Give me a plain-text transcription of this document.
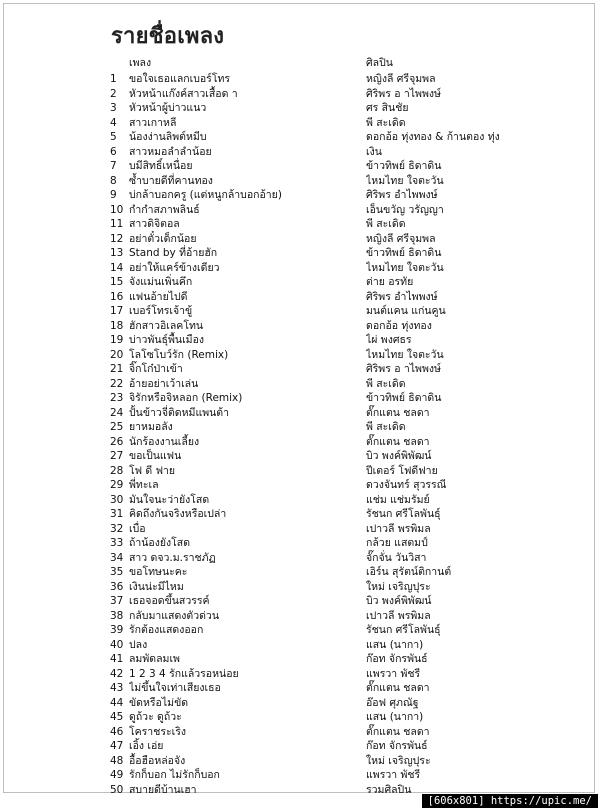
รายชื่อเพลง
เพลง	ศิลปิน
1	ขอใจเธอแลกเบอร์โทร	หญิงลี ศรีจุมพล
2	หัวหน้าแก๊งค์สาวเสื้อด า	ศิริพร อ าไพพงษ์
3	หัวหน้าผู้บ่าวแนว	ศร สินชัย
4	สาวเกาหลี	พี สะเดิด
5	น้องง่านลิพต์หมีบ	ดอกอ้อ ทุ่งทอง & ก้านตอง ทุ่ง
6	สาวหมอลำลำน้อย	เงิน
7	บมีสิทธิ์เหนื่อย	ข้าวทิพย์ ธิดาดิน
8	ซ้ำบายดีที่คานทอง	ไหมไทย ใจตะวัน
9	บ่กล้าบอกครู (แต่หนูกล้าบอกอ้าย)	ศิริพร อำไพพงษ์
10 กำกำสภาพลินธ์	เอ็นขวัญ วรัญญา
11 สาวดิจิตอล	พี สะเดิด
12 อย่าตั๋วเด็กน้อย	หญิงลี ศรีจุมพล
13 Stand by ที่อ้ายฮัก	ข้าวทิพย์ ธิดาดิน
14 อย่าให้แคร์ข้างเดียว	ไหมไทย ใจตะวัน
15 จังแม่นเพิ่นคึก	ต่าย อรทัย
16 แฟนอ้ายไปดี	ศิริพร อำไพพงษ์
17 เบอร์โทรเจ้าขู้	มนต์แคน แก่นคูน
18 ฮักสาวอิเลคโทน	ดอกอ้อ ทุ่งทอง
19 บ่าวพันธุ์พื้นเมือง	ไผ่ พงศธร
20 โลโซโบว์รัก (Remix)	ไหมไทย ใจตะวัน
21 จิ๊กโก๋ป่าเข้า	ศิริพร อ าไพพงษ์
22 อ้ายอย่าเว้าเล่น	พี สะเดิด
23 จิรักหรือจิหลอก (Remix)	ข้าวทิพย์ ธิดาดิน
24 ปั้นข้าวจี่ติดหมีแพนต้า	ตั๊กแตน ชลดา
25 ยาหมอลัง	พี สะเดิด
26 นักร้องงานเลี้ยง	ตั๊กแตน ชลดา
27 ขอเป็นแฟน	บิว พงค์พิพัฒน์
28 โฟ ดี ฟาย	ปีเตอร์ โฟดีฟาย
29 พี่ทะเล	ดวงจันทร์ สุวรรณี
30 มันใจนะว่ายังโสด	แช่ม แช่มรัมย์
31 คิดถึงกันจริงหรือเปล่า	รัชนก ศรีโลพันธุ์
32 เบื่อ	เปาวลี พรพิมล
33 ถ้าน้องยังโสด	กล้วย แสตมป์
34 สาว ดจว.ม.ราชภัฏ	จั๊กจั่น วันวิสา
35 ขอโทษนะคะ	เอิร์น สุรัตน์ติกานต์
36 เงินน่ะมีไหม	ใหม่ เจริญปุระ
37 เธอจอดขึ้นสวรรค์	บิว พงค์พิพัฒน์
38 กลับมาแสดงตัวด่วน	เปาวลี พรพิมล
39 รักต้องแสดงออก	รัชนก ศรีโลพันธุ์
40 ปลง	แสน (นากา)
41 ลมพัดลมเพ	ก๊อท จักรพันธ์
42 1 2 3 4 รักแล้วรอหน่อย	แพรวา พัชรี
43 ไม่ขึ้นใจเท่าเสียงเธอ	ตั๊กแตน ชลดา
44 ขัดหรือไม่ขัด	อ๊อฟ ศุภณัฐ
45 ดูถ้วะ ดูถ้วะ	แสน (นากา)
46 โคราชระเริง	ตั๊กแตน ชลดา
47 เอิ้ง เอ่ย	ก๊อท จักรพันธ์
48 อื้อฮือหล่อจัง	ใหม่ เจริญปุระ
49 รักก็บอก ไม่รักก็บอก	แพรวา พัชรี
50 สบายดีบ้านเฮา	รวมศิลปิน
[606x801] https://upic.me/
